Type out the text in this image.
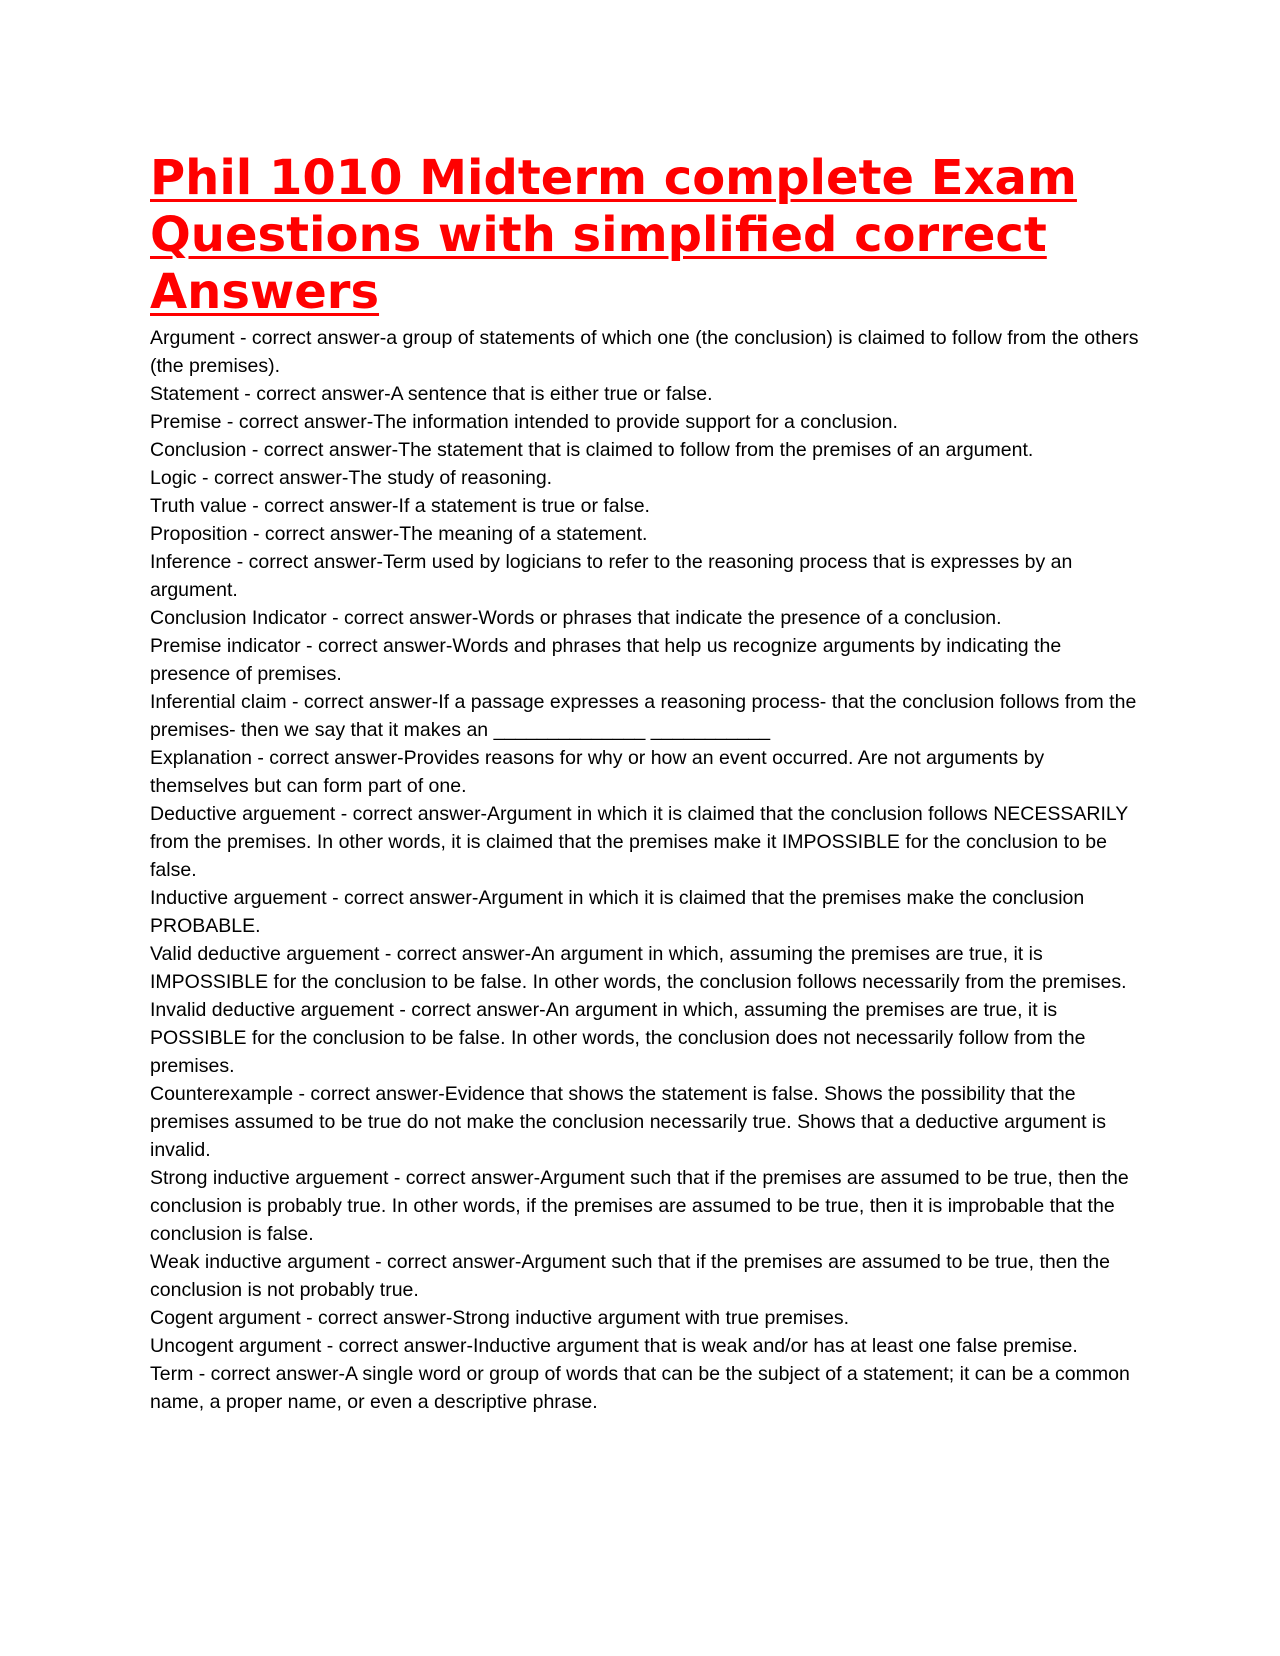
Phil 1010 Midterm complete Exam Questions with simplified correct Answers

Argument - correct answer-a group of statements of which one (the conclusion) is claimed to follow from the others (the premises).

Statement - correct answer-A sentence that is either true or false.

Premise - correct answer-The information intended to provide support for a conclusion.

Conclusion - correct answer-The statement that is claimed to follow from the premises of an argument.

Logic - correct answer-The study of reasoning.

Truth value - correct answer-If a statement is true or false.

Proposition - correct answer-The meaning of a statement.

Inference - correct answer-Term used by logicians to refer to the reasoning process that is expresses by an argument.

Conclusion Indicator - correct answer-Words or phrases that indicate the presence of a conclusion.

Premise indicator - correct answer-Words and phrases that help us recognize arguments by indicating the presence of premises.

Inferential claim - correct answer-If a passage expresses a reasoning process- that the conclusion follows from the premises- then we say that it makes an ______________ ___________

Explanation - correct answer-Provides reasons for why or how an event occurred. Are not arguments by themselves but can form part of one.

Deductive arguement - correct answer-Argument in which it is claimed that the conclusion follows NECESSARILY from the premises. In other words, it is claimed that the premises make it IMPOSSIBLE for the conclusion to be false.

Inductive arguement - correct answer-Argument in which it is claimed that the premises make the conclusion PROBABLE.

Valid deductive arguement - correct answer-An argument in which, assuming the premises are true, it is IMPOSSIBLE for the conclusion to be false. In other words, the conclusion follows necessarily from the premises.

Invalid deductive arguement - correct answer-An argument in which, assuming the premises are true, it is POSSIBLE for the conclusion to be false. In other words, the conclusion does not necessarily follow from the premises.

Counterexample - correct answer-Evidence that shows the statement is false. Shows the possibility that the premises assumed to be true do not make the conclusion necessarily true. Shows that a deductive argument is invalid.

Strong inductive arguement - correct answer-Argument such that if the premises are assumed to be true, then the conclusion is probably true. In other words, if the premises are assumed to be true, then it is improbable that the conclusion is false.

Weak inductive argument - correct answer-Argument such that if the premises are assumed to be true, then the conclusion is not probably true.

Cogent argument - correct answer-Strong inductive argument with true premises.

Uncogent argument - correct answer-Inductive argument that is weak and/or has at least one false premise.

Term - correct answer-A single word or group of words that can be the subject of a statement; it can be a common name, a proper name, or even a descriptive phrase.
